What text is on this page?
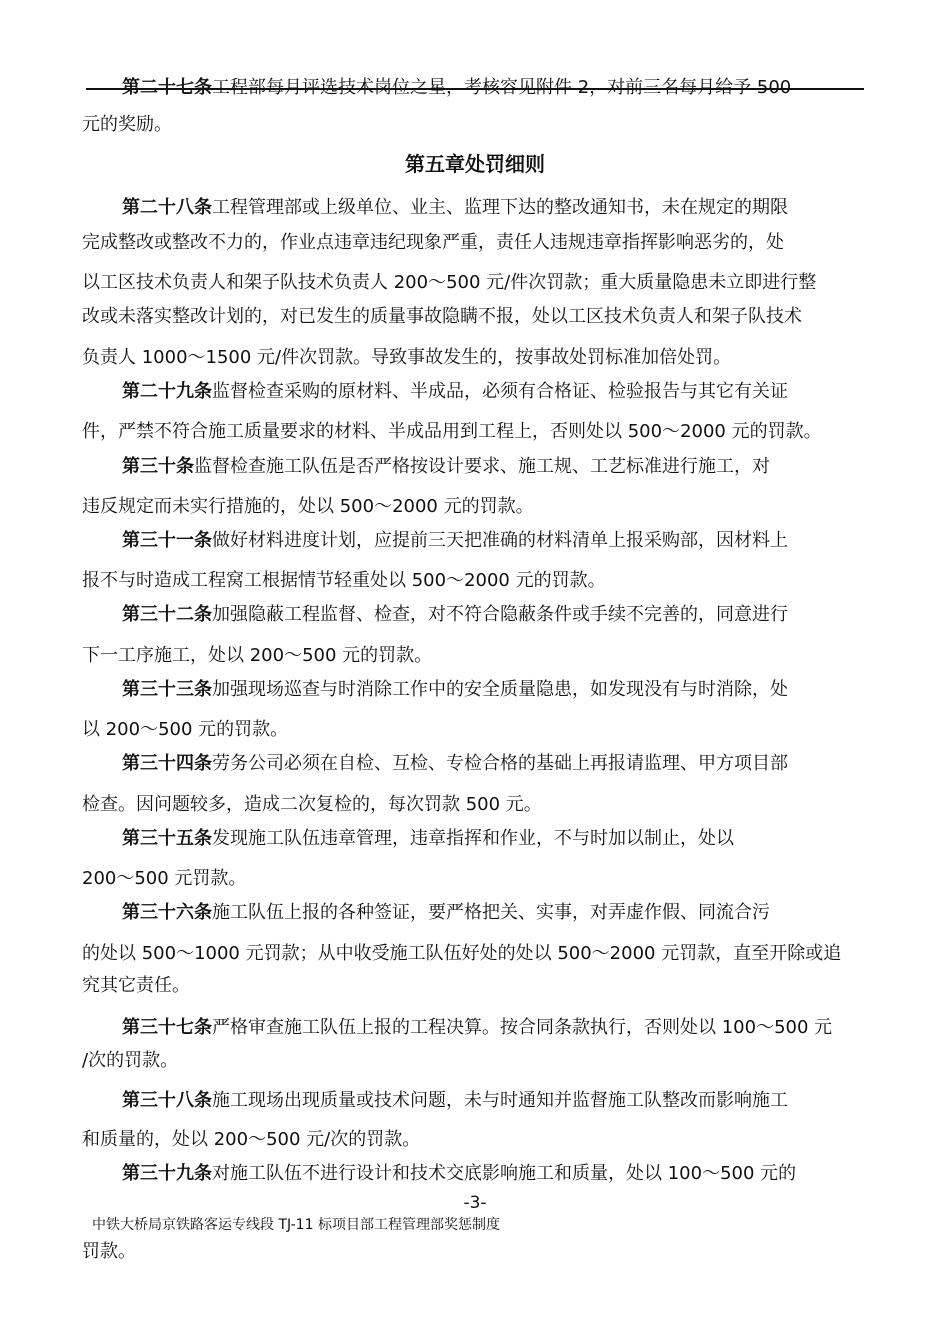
第二十七条工程部每月评选技术岗位之星，考核容见附件 2，对前三名每月给予 500
元的奖励。
第五章处罚细则
第二十八条工程管理部或上级单位、业主、监理下达的整改通知书，未在规定的期限
完成整改或整改不力的，作业点违章违纪现象严重，责任人违规违章指挥影响恶劣的，处
以工区技术负责人和架子队技术负责人 200～500 元/件次罚款；重大质量隐患未立即进行整
改或未落实整改计划的，对已发生的质量事故隐瞒不报，处以工区技术负责人和架子队技术
负责人 1000～1500 元/件次罚款。导致事故发生的，按事故处罚标准加倍处罚。
第二十九条监督检查采购的原材料、半成品，必须有合格证、检验报告与其它有关证
件，严禁不符合施工质量要求的材料、半成品用到工程上，否则处以 500～2000 元的罚款。
第三十条监督检查施工队伍是否严格按设计要求、施工规、工艺标准进行施工，对
违反规定而未实行措施的，处以 500～2000 元的罚款。
第三十一条做好材料进度计划，应提前三天把准确的材料清单上报采购部，因材料上
报不与时造成工程窝工根据情节轻重处以 500～2000 元的罚款。
第三十二条加强隐蔽工程监督、检查，对不符合隐蔽条件或手续不完善的，同意进行
下一工序施工，处以 200～500 元的罚款。
第三十三条加强现场巡查与时消除工作中的安全质量隐患，如发现没有与时消除，处
以 200～500 元的罚款。
第三十四条劳务公司必须在自检、互检、专检合格的基础上再报请监理、甲方项目部
检查。因问题较多，造成二次复检的，每次罚款 500 元。
第三十五条发现施工队伍违章管理，违章指挥和作业，不与时加以制止，处以
200～500 元罚款。
第三十六条施工队伍上报的各种签证，要严格把关、实事，对弄虚作假、同流合污
的处以 500～1000 元罚款；从中收受施工队伍好处的处以 500～2000 元罚款，直至开除或追
究其它责任。
第三十七条严格审查施工队伍上报的工程决算。按合同条款执行，否则处以 100～500 元
/次的罚款。
第三十八条施工现场出现质量或技术问题，未与时通知并监督施工队整改而影响施工
和质量的，处以 200～500 元/次的罚款。
第三十九条对施工队伍不进行设计和技术交底影响施工和质量，处以 100～500 元的
-3-
中铁大桥局京铁路客运专线段 TJ-11 标项目部工程管理部奖惩制度
罚款。
